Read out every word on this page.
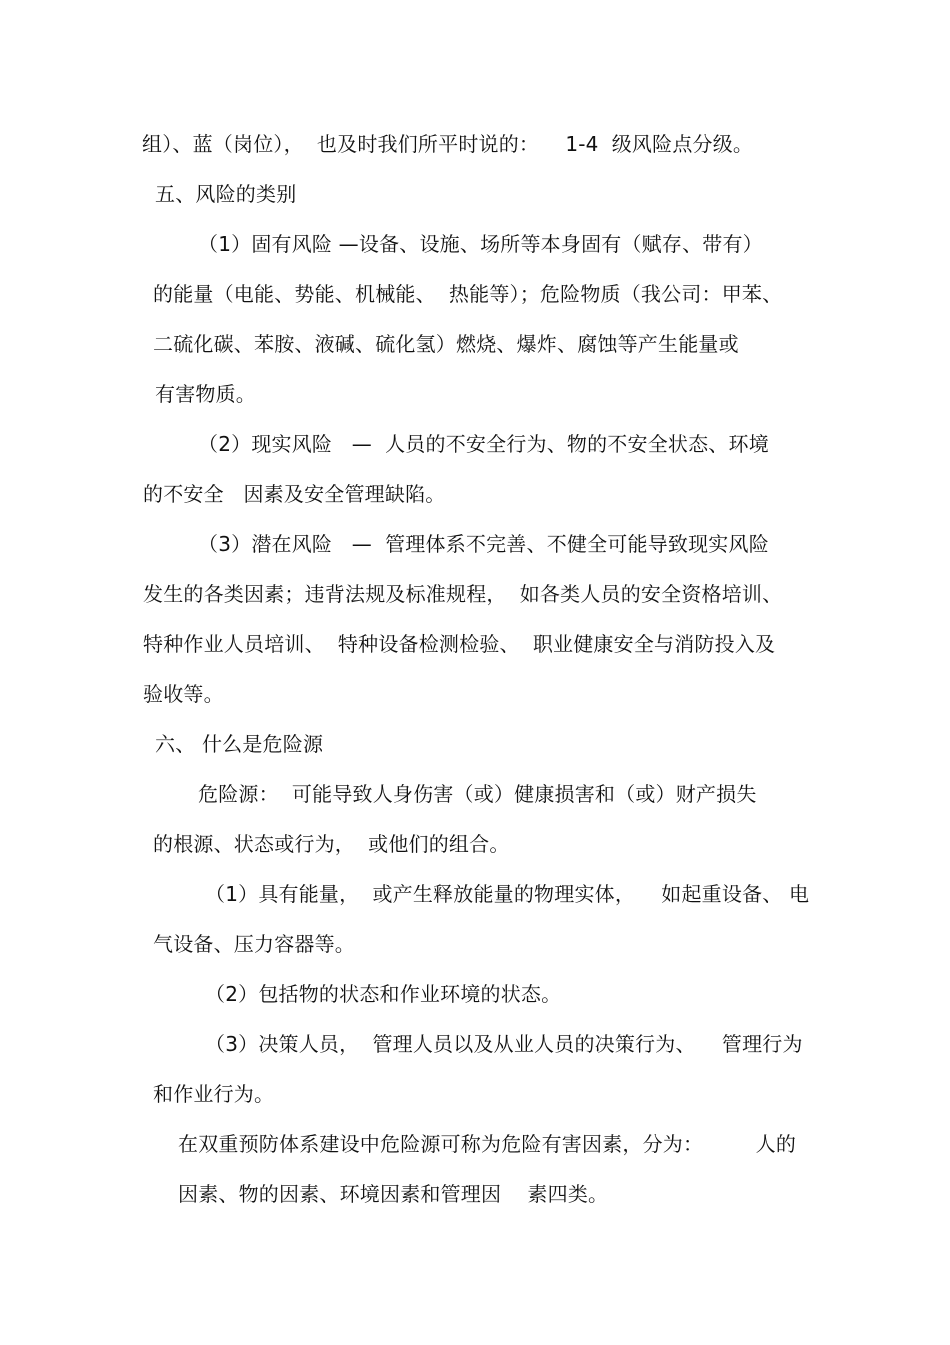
组）、蓝（岗位），  也及时我们所平时说的：    1-4  级风险点分级。
五、风险的类别
（1）固有风险 —设备、设施、场所等本身固有（赋存、带有）
的能量（电能、势能、机械能、  热能等）；危险物质（我公司：甲苯、
二硫化碳、苯胺、液碱、硫化氢）燃烧、爆炸、腐蚀等产生能量或
有害物质。
（2）现实风险   —  人员的不安全行为、物的不安全状态、环境
的不安全   因素及安全管理缺陷。
（3）潜在风险   —  管理体系不完善、不健全可能导致现实风险
发生的各类因素；违背法规及标准规程，  如各类人员的安全资格培训、
特种作业人员培训、  特种设备检测检验、  职业健康安全与消防投入及
验收等。
六、 什么是危险源
危险源：  可能导致人身伤害（或）健康损害和（或）财产损失
的根源、状态或行为，  或他们的组合。
（1）具有能量，  或产生释放能量的物理实体，    如起重设备、 电
气设备、压力容器等。
（2）包括物的状态和作业环境的状态。
（3）决策人员，  管理人员以及从业人员的决策行为、    管理行为
和作业行为。
在双重预防体系建设中危险源可称为危险有害因素，分为：        人的
因素、物的因素、环境因素和管理因    素四类。
